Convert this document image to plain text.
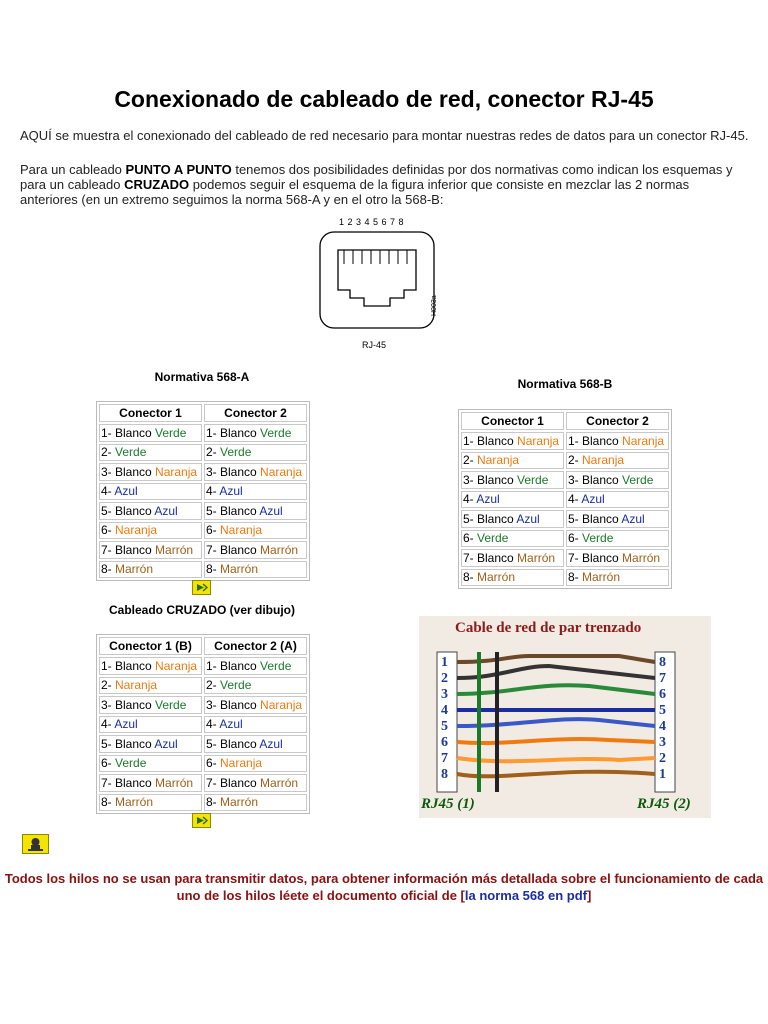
Conexionado de cableado de red, conector RJ-45
AQUÍ se muestra el conexionado del cableado de red necesario para montar nuestras redes de datos para un conector RJ-45.
Para un cableado PUNTO A PUNTO tenemos dos posibilidades definidas por dos normativas como indican los esquemas y para un cableado CRUZADO podemos seguir el esquema de la figura inferior que consiste en mezclar las 2 normas anteriores (en un extremo seguimos la norma 568-A y en el otro la 568-B:
1 2 3 4 5 6 7 8
RJ-45
H003a
Normativa 568-A
Conector 1	Conector 2
1- Blanco Verde	1- Blanco Verde
2- Verde	2- Verde
3- Blanco Naranja	3- Blanco Naranja
4- Azul	4- Azul
5- Blanco Azul	5- Blanco Azul
6- Naranja	6- Naranja
7- Blanco Marrón	7- Blanco Marrón
8- Marrón	8- Marrón
Normativa 568-B
Conector 1	Conector 2
1- Blanco Naranja	1- Blanco Naranja
2- Naranja	2- Naranja
3- Blanco Verde	3- Blanco Verde
4- Azul	4- Azul
5- Blanco Azul	5- Blanco Azul
6- Verde	6- Verde
7- Blanco Marrón	7- Blanco Marrón
8- Marrón	8- Marrón
Cableado CRUZADO (ver dibujo)
Conector 1 (B)	Conector 2 (A)
1- Blanco Naranja	1- Blanco Verde
2- Naranja	2- Verde
3- Blanco Verde	3- Blanco Naranja
4- Azul	4- Azul
5- Blanco Azul	5- Blanco Azul
6- Verde	6- Naranja
7- Blanco Marrón	7- Blanco Marrón
8- Marrón	8- Marrón
1
2
3
4
5
6
7
8
8
7
6
5
4
3
2
1
Cable de red de par trenzado
RJ45 (1)	RJ45 (2)
Todos los hilos no se usan para transmitir datos, para obtener información más detallada sobre el funcionamiento de cada uno de los hilos léete el documento oficial de [la norma 568 en pdf]
